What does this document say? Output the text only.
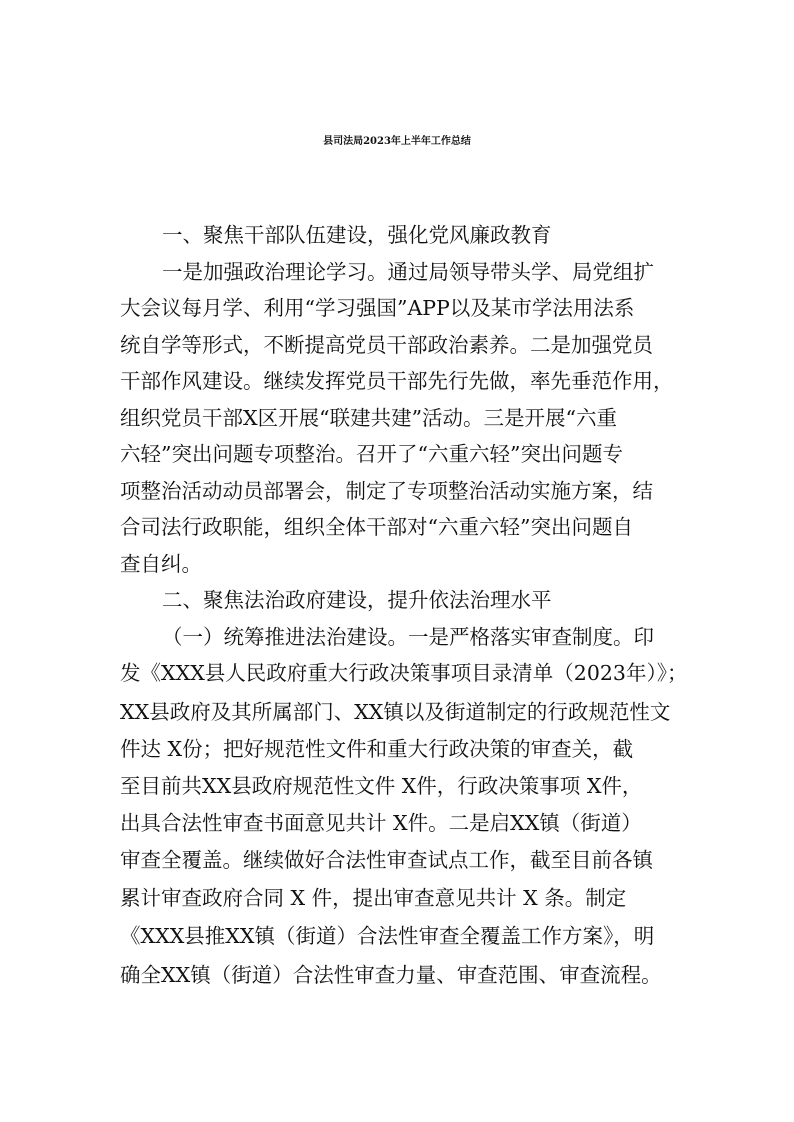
县司法局2023年上半年工作总结

一、聚焦干部队伍建设，强化党风廉政教育

一是加强政治理论学习。通过局领导带头学、局党组扩

大会议每月学、利用“学习强国”APP以及某市学法用法系

统自学等形式，不断提高党员干部政治素养。二是加强党员

干部作风建设。继续发挥党员干部先行先做，率先垂范作用，

组织党员干部X区开展“联建共建”活动。三是开展“六重

六轻”突出问题专项整治。召开了“六重六轻”突出问题专

项整治活动动员部署会，制定了专项整治活动实施方案，结

合司法行政职能，组织全体干部对“六重六轻”突出问题自

查自纠。

二、聚焦法治政府建设，提升依法治理水平

（一）统筹推进法治建设。一是严格落实审查制度。印

发《XXX县人民政府重大行政决策事项目录清单（2023年）》；

XX县政府及其所属部门、XX镇以及街道制定的行政规范性文

件达 X份；把好规范性文件和重大行政决策的审查关，截

至目前共XX县政府规范性文件 X件，行政决策事项 X件，

出具合法性审查书面意见共计 X件。二是启XX镇（街道）

审查全覆盖。继续做好合法性审查试点工作，截至目前各镇

累计审查政府合同 X 件，提出审查意见共计 X 条。制定

《XXX县推XX镇（街道）合法性审查全覆盖工作方案》，明

确全XX镇（街道）合法性审查力量、审查范围、审查流程。
